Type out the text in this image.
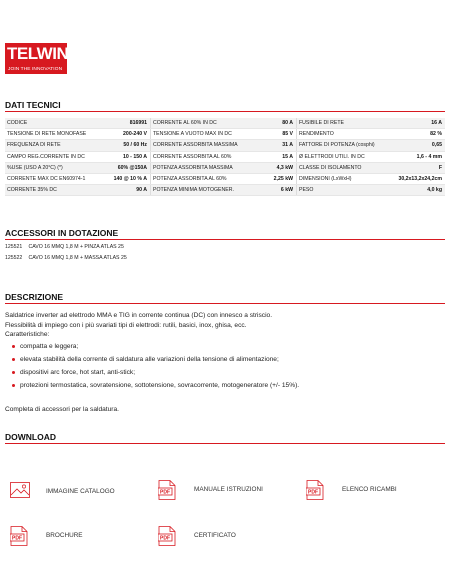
TELWIN
JOIN THE INNOVATION
DATI TECNICI
CODICE	816991 CORRENTE AL 60% IN DC	80 A FUSIBILE DI RETE	16 A
TENSIONE DI RETE MONOFASE	200-240 V TENSIONE A VUOTO MAX IN DC	85 V RENDIMENTO	82 %
FREQUENZA DI RETE	50 / 60 Hz CORRENTE ASSORBITA MASSIMA	31 A FATTORE DI POTENZA (cosphi)	0,65
CAMPO REG.CORRENTE IN DC	10 - 150 A CORRENTE ASSORBITA AL 60%	15 A Ø ELETTRODI UTILI. IN DC	1,6 - 4 mm
%USE (USO A 20°C) (*)	60% @150A POTENZA ASSORBITA MASSIMA	4,3 kW CLASSE DI ISOLAMENTO	F
CORRENTE MAX DC EN60974-1	140 @ 10 % A POTENZA ASSORBITA AL 60%	2,25 kW DIMENSIONI (LxWxH)	30,2x13,2x24,2cm
CORRENTE 35% DC	90 A POTENZA MINIMA MOTOGENER.	6 kW PESO	4,0 kg
ACCESSORI IN DOTAZIONE
125521 CAVO 16 MMQ 1,8 M + PINZA ATLAS 25
125522 CAVO 16 MMQ 1,8 M + MASSA ATLAS 25
DESCRIZIONE
Saldatrice inverter ad elettrodo MMA e TIG in corrente continua (DC) con innesco a striscio.
Flessibilità di impiego con i più svariati tipi di elettrodi: rutili, basici, inox, ghisa, ecc.
Caratteristiche:
compatta e leggera;
elevata stabilità della corrente di saldatura alle variazioni della tensione di alimentazione;
dispositivi arc force, hot start, anti-stick;
protezioni termostatica, sovratensione, sottotensione, sovracorrente, motogeneratore (+/- 15%).
Completa di accessori per la saldatura.
DOWNLOAD
IMMAGINE CATALOGO	PDF
MANUALE ISTRUZIONI
PDF
ELENCO RICAMBI
PDF
BROCHURE
PDF
CERTIFICATO
